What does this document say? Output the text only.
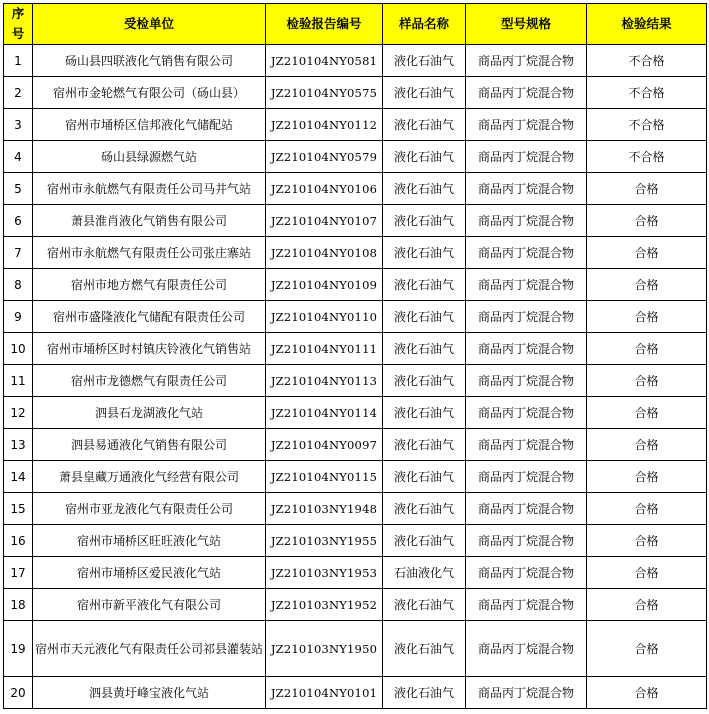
序号	受检单位	检验报告编号	样品名称	型号规格	检验结果
1	砀山县四联液化气销售有限公司	JZ210104NY0581	液化石油气	商品丙丁烷混合物	不合格
2	宿州市金轮燃气有限公司（砀山县）	JZ210104NY0575	液化石油气	商品丙丁烷混合物	不合格
3	宿州市埇桥区信邦液化气储配站	JZ210104NY0112	液化石油气	商品丙丁烷混合物	不合格
4	砀山县绿源燃气站	JZ210104NY0579	液化石油气	商品丙丁烷混合物	不合格
5	宿州市永航燃气有限责任公司马井气站	JZ210104NY0106	液化石油气	商品丙丁烷混合物	合格
6	萧县淮肖液化气销售有限公司	JZ210104NY0107	液化石油气	商品丙丁烷混合物	合格
7	宿州市永航燃气有限责任公司张庄寨站	JZ210104NY0108	液化石油气	商品丙丁烷混合物	合格
8	宿州市地方燃气有限责任公司	JZ210104NY0109	液化石油气	商品丙丁烷混合物	合格
9	宿州市盛隆液化气储配有限责任公司	JZ210104NY0110	液化石油气	商品丙丁烷混合物	合格
10	宿州市埇桥区时村镇庆铃液化气销售站	JZ210104NY0111	液化石油气	商品丙丁烷混合物	合格
11	宿州市龙德燃气有限责任公司	JZ210104NY0113	液化石油气	商品丙丁烷混合物	合格
12	泗县石龙湖液化气站	JZ210104NY0114	液化石油气	商品丙丁烷混合物	合格
13	泗县易通液化气销售有限公司	JZ210104NY0097	液化石油气	商品丙丁烷混合物	合格
14	萧县皇藏万通液化气经营有限公司	JZ210104NY0115	液化石油气	商品丙丁烷混合物	合格
15	宿州市亚龙液化气有限责任公司	JZ210103NY1948	液化石油气	商品丙丁烷混合物	合格
16	宿州市埇桥区旺旺液化气站	JZ210103NY1955	液化石油气	商品丙丁烷混合物	合格
17	宿州市埇桥区爱民液化气站	JZ210103NY1953	石油液化气	商品丙丁烷混合物	合格
18	宿州市新平液化气有限公司	JZ210103NY1952	液化石油气	商品丙丁烷混合物	合格
19	宿州市天元液化气有限责任公司祁县灌装站	JZ210103NY1950	液化石油气	商品丙丁烷混合物	合格
20	泗县黄圩峰宝液化气站	JZ210104NY0101	液化石油气	商品丙丁烷混合物	合格
